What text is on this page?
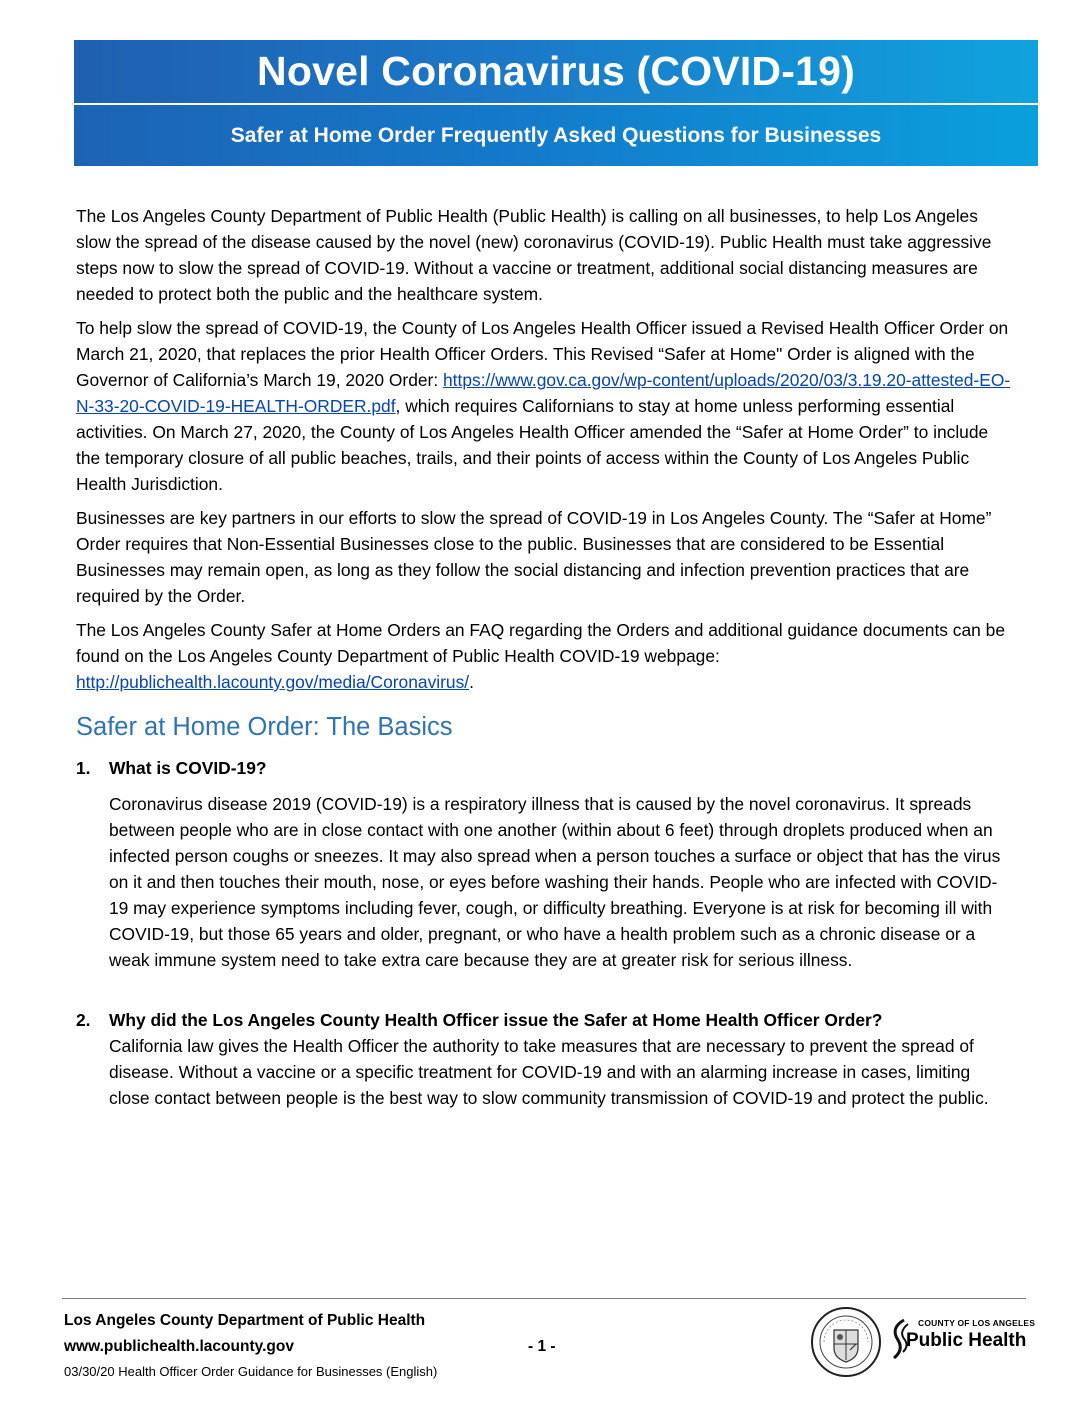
Novel Coronavirus (COVID-19)
Safer at Home Order Frequently Asked Questions for Businesses

The Los Angeles County Department of Public Health (Public Health) is calling on all businesses, to help Los Angeles slow the spread of the disease caused by the novel (new) coronavirus (COVID-19). Public Health must take aggressive steps now to slow the spread of COVID-19. Without a vaccine or treatment, additional social distancing measures are needed to protect both the public and the healthcare system.

To help slow the spread of COVID-19, the County of Los Angeles Health Officer issued a Revised Health Officer Order on March 21, 2020, that replaces the prior Health Officer Orders. This Revised “Safer at Home" Order is aligned with the Governor of California’s March 19, 2020 Order: https://www.gov.ca.gov/wp-content/uploads/2020/03/3.19.20-attested-EO-N-33-20-COVID-19-HEALTH-ORDER.pdf, which requires Californians to stay at home unless performing essential activities. On March 27, 2020, the County of Los Angeles Health Officer amended the “Safer at Home Order” to include the temporary closure of all public beaches, trails, and their points of access within the County of Los Angeles Public Health Jurisdiction.

Businesses are key partners in our efforts to slow the spread of COVID-19 in Los Angeles County. The “Safer at Home” Order requires that Non-Essential Businesses close to the public. Businesses that are considered to be Essential Businesses may remain open, as long as they follow the social distancing and infection prevention practices that are required by the Order.

The Los Angeles County Safer at Home Orders an FAQ regarding the Orders and additional guidance documents can be found on the Los Angeles County Department of Public Health COVID-19 webpage: http://publichealth.lacounty.gov/media/Coronavirus/.

Safer at Home Order: The Basics
1.	What is COVID-19?
Coronavirus disease 2019 (COVID-19) is a respiratory illness that is caused by the novel coronavirus. It spreads between people who are in close contact with one another (within about 6 feet) through droplets produced when an infected person coughs or sneezes. It may also spread when a person touches a surface or object that has the virus on it and then touches their mouth, nose, or eyes before washing their hands. People who are infected with COVID-19 may experience symptoms including fever, cough, or difficulty breathing. Everyone is at risk for becoming ill with COVID-19, but those 65 years and older, pregnant, or who have a health problem such as a chronic disease or a weak immune system need to take extra care because they are at greater risk for serious illness.
2.	Why did the Los Angeles County Health Officer issue the Safer at Home Health Officer Order?
California law gives the Health Officer the authority to take measures that are necessary to prevent the spread of disease. Without a vaccine or a specific treatment for COVID-19 and with an alarming increase in cases, limiting close contact between people is the best way to slow community transmission of COVID-19 and protect the public.
Los Angeles County Department of Public Health
www.publichealth.lacounty.gov	- 1 -
03/30/20 Health Officer Order Guidance for Businesses (English)
COUNTY OF LOS ANGELES
Public Health
